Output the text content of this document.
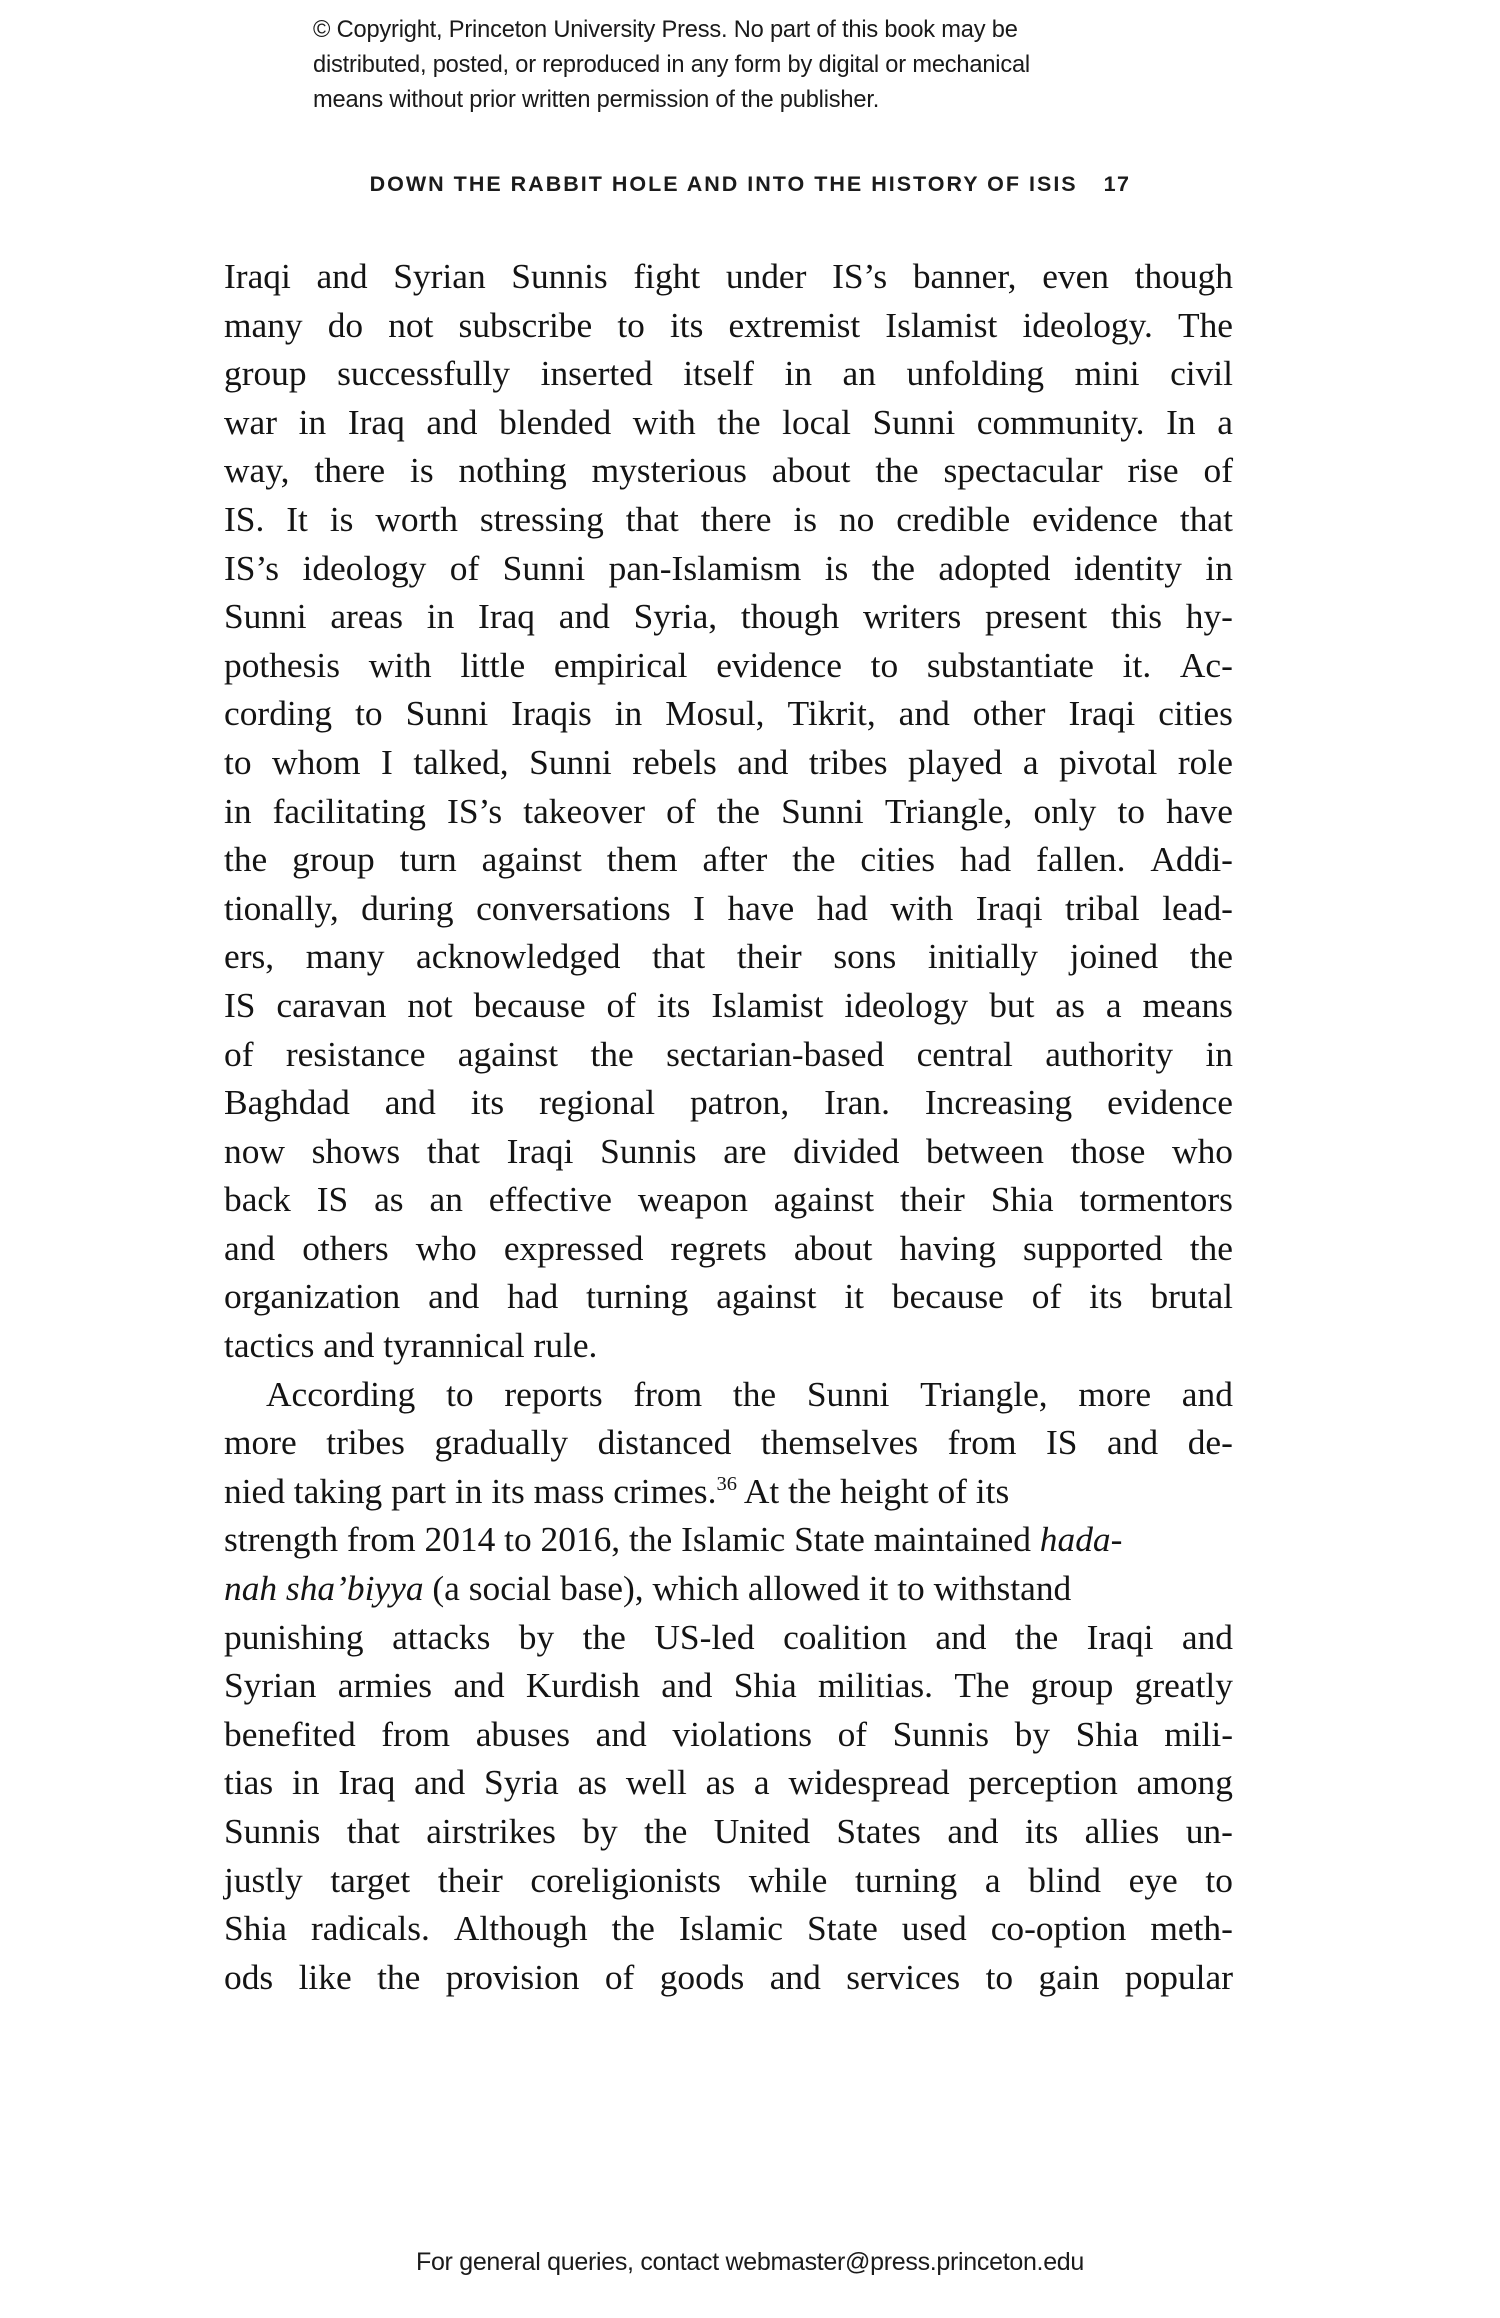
© Copyright, Princeton University Press. No part of this book may be
distributed, posted, or reproduced in any form by digital or mechanical
means without prior written permission of the publisher.
DOWN THE RABBIT HOLE AND INTO THE HISTORY OF ISIS 17

Iraqi and Syrian Sunnis fight under IS’s banner, even though
many do not subscribe to its extremist Islamist ideology. The
group successfully inserted itself in an unfolding mini civil
war in Iraq and blended with the local Sunni community. In a
way, there is nothing mysterious about the spectacular rise of
IS. It is worth stressing that there is no credible evidence that
IS’s ideology of Sunni pan-Islamism is the adopted identity in
Sunni areas in Iraq and Syria, though writers present this hy-
pothesis with little empirical evidence to substantiate it. Ac-
cording to Sunni Iraqis in Mosul, Tikrit, and other Iraqi cities
to whom I talked, Sunni rebels and tribes played a pivotal role
in facilitating IS’s takeover of the Sunni Triangle, only to have
the group turn against them after the cities had fallen. Addi-
tionally, during conversations I have had with Iraqi tribal lead-
ers, many acknowledged that their sons initially joined the
IS caravan not because of its Islamist ideology but as a means
of resistance against the sectarian-based central authority in
Baghdad and its regional patron, Iran. Increasing evidence
now shows that Iraqi Sunnis are divided between those who
back IS as an effective weapon against their Shia tormentors
and others who expressed regrets about having supported the
organization and had turning against it because of its brutal
tactics and tyrannical rule.

According to reports from the Sunni Triangle, more and
more tribes gradually distanced themselves from IS and de-
nied taking part in its mass crimes.$^{36}$ At the height of its
strength from 2014 to 2016, the Islamic State maintained hada-
nah sha’biyya (a social base), which allowed it to withstand
punishing attacks by the US-led coalition and the Iraqi and
Syrian armies and Kurdish and Shia militias. The group greatly
benefited from abuses and violations of Sunnis by Shia mili-
tias in Iraq and Syria as well as a widespread perception among
Sunnis that airstrikes by the United States and its allies un-
justly target their coreligionists while turning a blind eye to
Shia radicals. Although the Islamic State used co-option meth-
ods like the provision of goods and services to gain popular

For general queries, contact webmaster@press.princeton.edu
